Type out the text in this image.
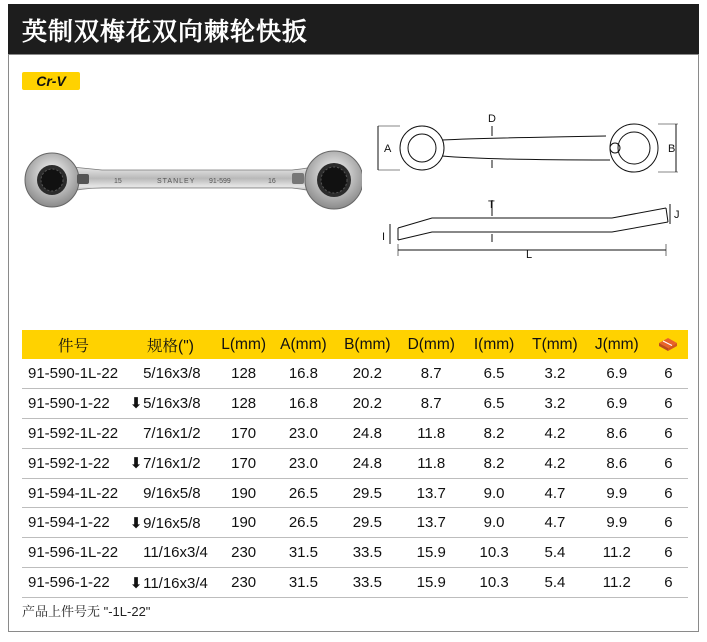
英制双梅花双向棘轮快扳
Cr-V
15	STANLEY 91-599	16
A	B
D
T
J
I
L
件号	规格(")	L(mm)	A(mm)	B(mm)	D(mm)	I(mm)	T(mm)	J(mm)	
91-590-1L-22	5/16x3/8	128	16.8	20.2	8.7	6.5	3.2	6.9	6
91-590-1-22	⬇5/16x3/8	128	16.8	20.2	8.7	6.5	3.2	6.9	6
91-592-1L-22	7/16x1/2	170	23.0	24.8	11.8	8.2	4.2	8.6	6
91-592-1-22	⬇7/16x1/2	170	23.0	24.8	11.8	8.2	4.2	8.6	6
91-594-1L-22	9/16x5/8	190	26.5	29.5	13.7	9.0	4.7	9.9	6
91-594-1-22	⬇9/16x5/8	190	26.5	29.5	13.7	9.0	4.7	9.9	6
91-596-1L-22	11/16x3/4	230	31.5	33.5	15.9	10.3	5.4	11.2	6
91-596-1-22	⬇11/16x3/4	230	31.5	33.5	15.9	10.3	5.4	11.2	6
产品上件号无 "-1L-22"
